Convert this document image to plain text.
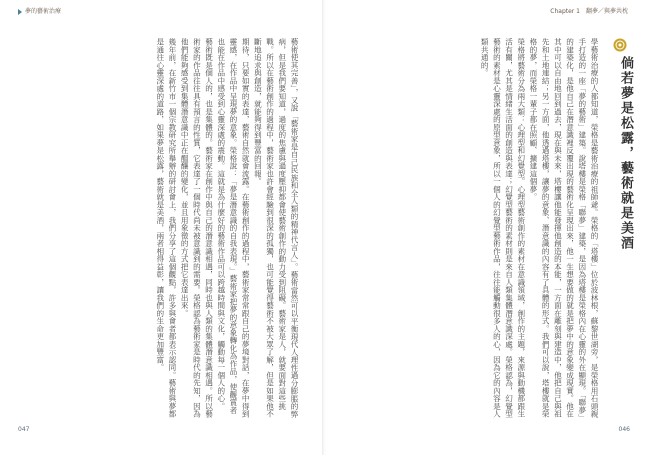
夢的藝術治療

藝術使其完善」，又說「藝術家是自己民族和全人類的精神代言人」。藝術當然可以平衡現代人理性過分膨脹的弊病，但是我們要知道，過度的焦慮與過度壓抑都會使藝術創作的動力受到阻礙。藝術家是人，就要面對這些挑戰。所以在藝術創作的過程中，藝術家也許會經驗到很深的孤獨，也可能覺得藝術不被大眾了解，但是如果他不斷地追求與創造，就能夠得到豐富的回報。

期待，只要如實的表達，藝術自然就會流露。在藝術創作的過程中，藝術家常常跟自己的夢境對話，在夢中得到靈感，在作品中呈現夢的意象。榮格說：「夢是潛意識的自我表現。」藝術家把夢的意象轉化為作品，使觀賞者也能在作品中感受到心靈深處的震動。這就是為什麼好的藝術作品可以跨越時間與文化，觸動每一個人的心。

藝術既是個人的，也是集體的。藝術家在創作中與自己的潛意識相遇，同時也與人類的集體潛意識相遇。所以藝術家的作品往往具有預言的性質，它表達了一個時代尚未被意識到的需要。榮格認為藝術家是時代的先知，因為他們能夠感受到集體潛意識中正在醞釀的變化，並且用象徵的方式把它表達出來。

幾年前，在新竹市一個宗教研究所舉辦的研討會上，我們分享了這個觀點，許多與會者都表示認同。藝術與夢都是通往心靈深處的道路，如果夢是松露，藝術就是美酒，兩者相得益彰，讓我們的生命更加豐富。

047
Chapter 1　翻夢／與夢共枕
倘若夢是松露，藝術就是美酒

學藝術治療的人都知道，榮格是藝術治療的祖師爺。榮格的「塔樓」位於波林根，蘇黎世湖旁，是榮格用石頭親手打造的一座「夢的藝術」建築。說塔樓是榮格「聯夢」建築，是因為塔樓是榮格內在心靈的外在顯現。「聯夢」的建築化，是他自己在潛意識裡反覆出現的藝術化呈現出來，他一生想要做的就是把夢中的意象變成現實。他在其中可以自由地回到過去，現在與未來，塔樓讓他能發揮他創造的本能，一方面在雕刻與建造中，他把自己與祖先和土地連結；另一方面，他透過塔樓，讓夢的意象、潛意識的內容有了具體的形式。我們可以說，塔樓就是榮格的夢，而榮格一輩子都在照顧、擴建這個夢。

榮格將藝術分為兩大類：心理型和幻覺型。心理型藝術創作的素材在意識領域，創作的主題，來源與動機都跟生活有關，尤其是情緒生活面的創造與表達；幻覺型藝術的素材則是來自人類集體潛意識深處。榮格認為，幻覺型藝術的素材是心靈深處的原型意象，所以一個人的幻覺型藝術作品，往往能觸動很多人的心，因為它的內容是人類共通的。

046
